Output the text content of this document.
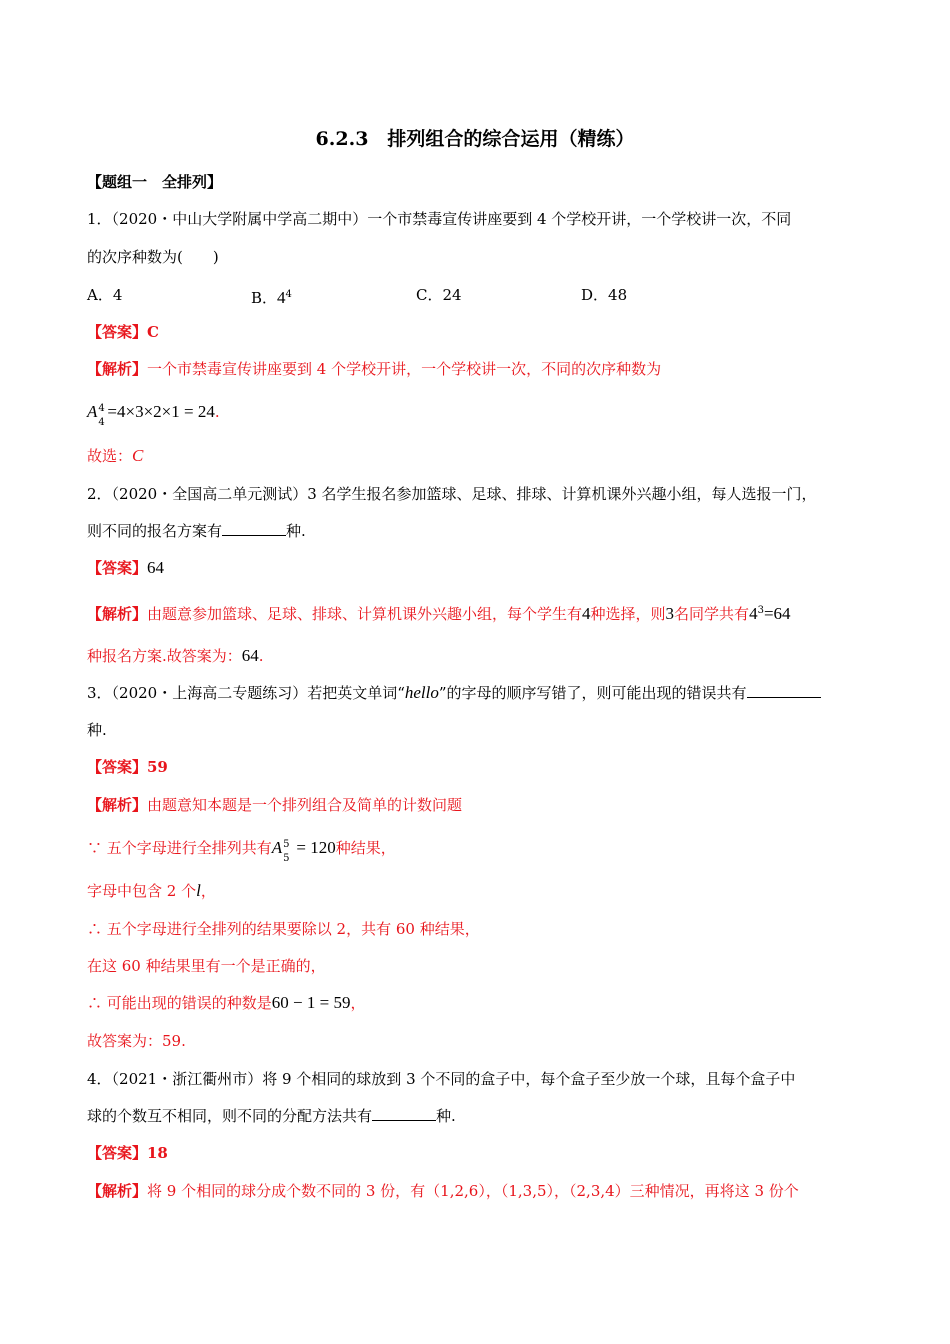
6.2.3　排列组合的综合运用（精练）
【题组一　全排列】
1．（2020・中山大学附属中学高二期中）一个市禁毒宣传讲座要到 4 个学校开讲，一个学校讲一次，不同
的次序种数为(　　)
A．4	B．$4^4$	C．24	D．48
【答案】C
【解析】一个市禁毒宣传讲座要到 4 个学校开讲，一个学校讲一次，不同的次序种数为
A 4
4
=4×3×2×1 = 24.
故选：C
2．（2020・全国高二单元测试）3 名学生报名参加篮球、足球、排球、计算机课外兴趣小组，每人选报一门，
则不同的报名方案有	种.
【答案】64
【解析】由题意参加篮球、足球、排球、计算机课外兴趣小组，每个学生有4种选择，则3名同学共有$4^3=64$
种报名方案.故答案为：64.
3．（2020・上海高二专题练习）若把英文单词“hello”的字母的顺序写错了，则可能出现的错误共有
种.
【答案】59
【解析】由题意知本题是一个排列组合及简单的计数问题
∵ 五个字母进行全排列共有A 5
5
= 120种结果，
字母中包含 2 个l，
∴ 五个字母进行全排列的结果要除以 2，共有 60 种结果，
在这 60 种结果里有一个是正确的，
∴ 可能出现的错误的种数是60 − 1 = 59，
故答案为：59.
4．（2021・浙江衢州市）将 9 个相同的球放到 3 个不同的盒子中，每个盒子至少放一个球，且每个盒子中
球的个数互不相同，则不同的分配方法共有	种.
【答案】18
【解析】将 9 个相同的球分成个数不同的 3 份，有（1,2,6），（1,3,5），（2,3,4）三种情况，再将这 3 份个
